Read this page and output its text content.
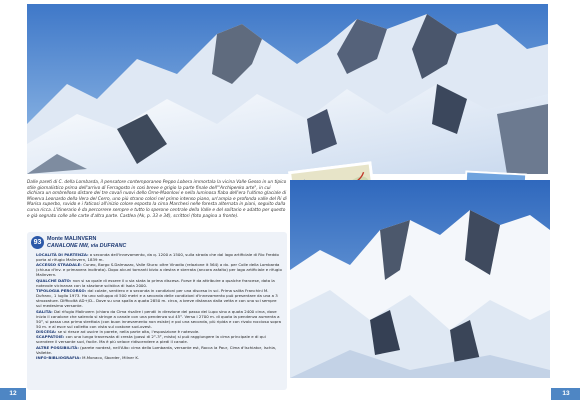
Dalle pareti di C. della Lombarda, il pensatore contemporaneo Peppo Lobera immortala la vicina Valle Gesso in un tipico stile giornalistico prima dell'arrivo di Ferragosto in cosi breve e grigio la parte finale dell'"Archipenko arte", in cui dichiara un ombrelloso distare dei tre covali nuovi dello Orne-Maonlovi e nella luminosa fiaba dell'era l'ultimo glaciale di Minerva Leonardo della Vera del Cerro, uno più strano colori nel primo intenso piano, un'ampia e profonda valle del Ri di Marisa superbo, ruvido e i faticosi all'inizio colore esposto la cima Marchesi nelle foresta alternata in piani, seguito dalla curva ricca. L'itinerario è da percorrere sempre e tutto lo sperone centrale della Valle e del solitario e adatto per questo e già segnato colle alle carte d'altra parte. Castlea (Ak, p. 33 e 34), scrittori (foto pagina a fronte).

93	Monte MALINVERN

CANALONE NW, via DUFRANC

LOCALITÀ DI PARTENZA: a seconda dell'innevamento, da q. 1200 a 1500, sulla strada che dal lago artificiale di Rio Freddo porta al rifugio Malinvern, 1839 m.

ACCESSO STRADALE: Cuneo, Borgo S.Dalmazzo, Valle Stura: oltre Vinadio (relazione it 564) a dx. per Colle della Lombarda (chiuso d'inv. e primavera inoltrata). Dopo alcuni tornanti bivio a destra e sterrata (ancora asfalto) per lago artificiale e rifugio Malinvern.

QUALCHE DATO: non si sa quale di essere il o sia stata la prima discesa. Forse è da attribuire a qualche francese, data la notevole vicinanza con la stazione sciistica di Isola 2000.

TIPOLOGIA PERCORSO: dal colate, sentiero e a seconda in condizioni per una discesa in sci. Prima salita Franchini M. Dufranc, 1 luglio 1973. Ha uno sviluppo di 500 metri e a seconda delle condizioni d'innevamento può presentare da una a 3 strozzature. Difficoltà AD+/D-. Dove su una spalla a quota 2850 m. circa, a breve distanza dalla vetta e con uno sci sempre sul medesimo versante.

SALITA: Dal rifugio Malinvern (chiaro da Cima risalire i pendii in direzione del passo del Lupo sino a quota 2400 circa, dove inizia il canalone che salendo si stringe a canale con una pendenza sui 45°. Verso i 2700 m. di quota la pendenza aumenta a 50°, si passa una prima strettoia (con buon innevamento non esiste) e poi una seconda, più ripida e con rivolo roccioso sopra 50 m. e al esce sul colletto con vista sul costone sud-ovest.

DISCESA: se si riesce ad uscire in parete, nella parte alta, l'esposizione è notevole.

SCAPPATOIE: con una lunga traversata di cresta (passi di 2°-3°, misto) si può raggiungere la cima principale e di qui scendere il versante sud, facile. Ma è più veloce ridiscendere a piedi il canale.

ALTRE POSSIBILITÀ: (parete nordest, nell'Alto: cima della Lombarda, versante est, Rocca la Paur, Cima d'Ischiator, Ischia, Vallette.

INFO-BIBLIOGRAFIA: M.Monaco, Sborder, Milner K.

12	13
